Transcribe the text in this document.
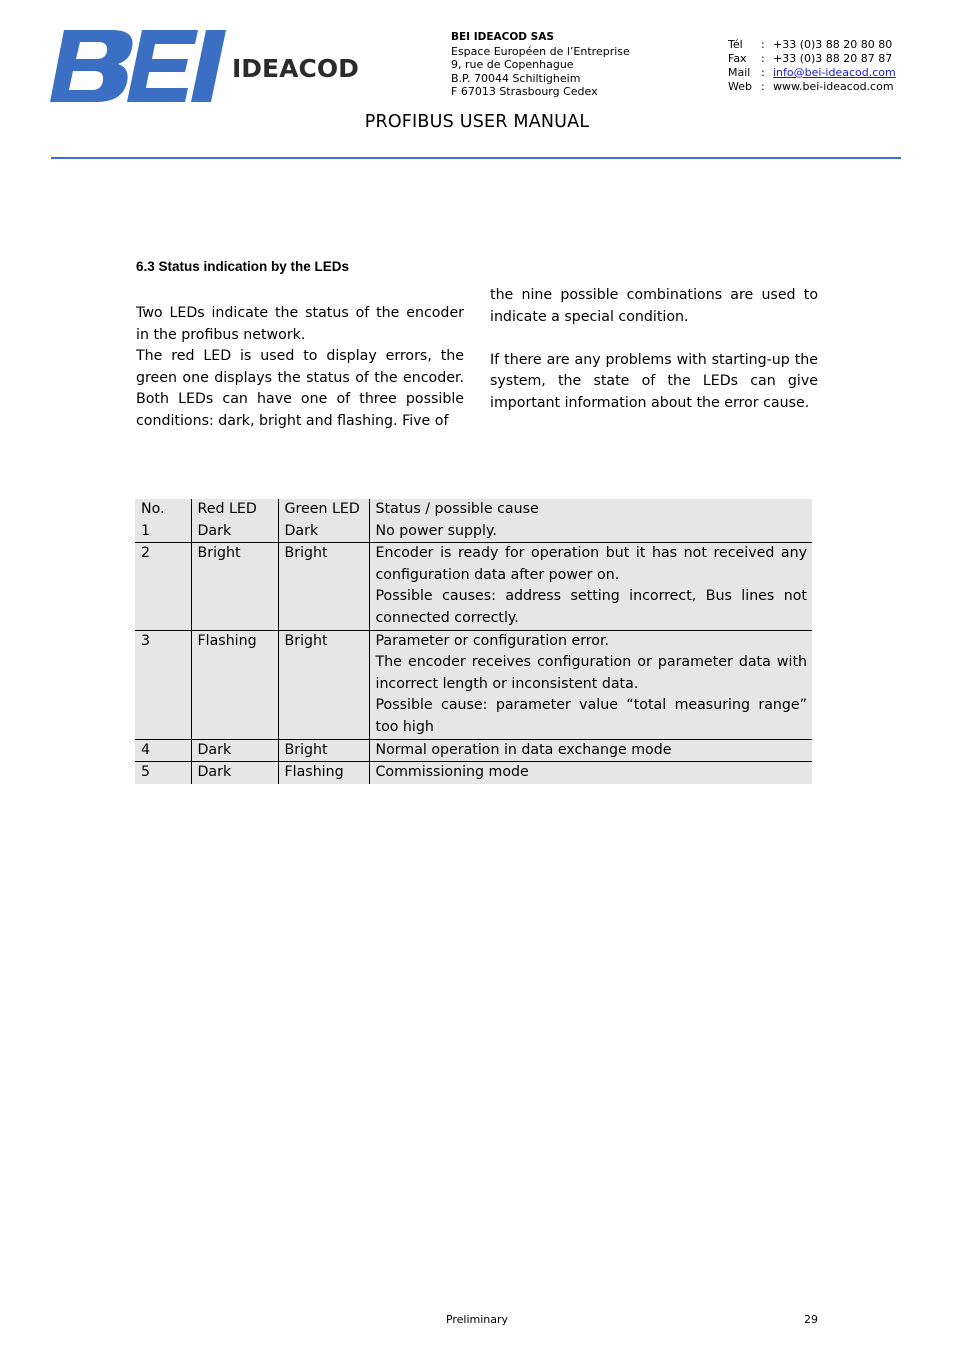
IDEACOD
BEI IDEACOD SAS
Espace Européen de l’Entreprise
9, rue de Copenhague
B.P. 70044 Schiltigheim
F 67013 Strasbourg Cedex
Tél	: +33 (0)3 88 20 80 80
Fax	: +33 (0)3 88 20 87 87
Mail : info@bei-ideacod.com
Web : www.bei-ideacod.com
PROFIBUS USER MANUAL
6.3 Status indication by the LEDs

Two LEDs indicate the status of the encoder in the profibus network.

The red LED is used to display errors, the green one displays the status of the encoder. Both LEDs can have one of three possible conditions: dark, bright and flashing. Five of

the nine possible combinations are used to indicate a special condition.

If there are any problems with starting-up the system, the state of the LEDs can give important information about the error cause.

No.	Red LED	Green LED	Status / possible cause
1	Dark	Dark	No power supply.

2	Bright	Bright	Encoder is ready for operation but it has not received any configuration data after power on.
Possible causes: address setting incorrect, Bus lines not connected correctly.

3	Flashing	Bright	Parameter or configuration error.
The encoder receives configuration or parameter data with incorrect length or inconsistent data.
Possible cause: parameter value “total measuring range” too high

4	Dark	Bright	Normal operation in data exchange mode

5	Dark	Flashing	Commissioning mode
Preliminary	29
